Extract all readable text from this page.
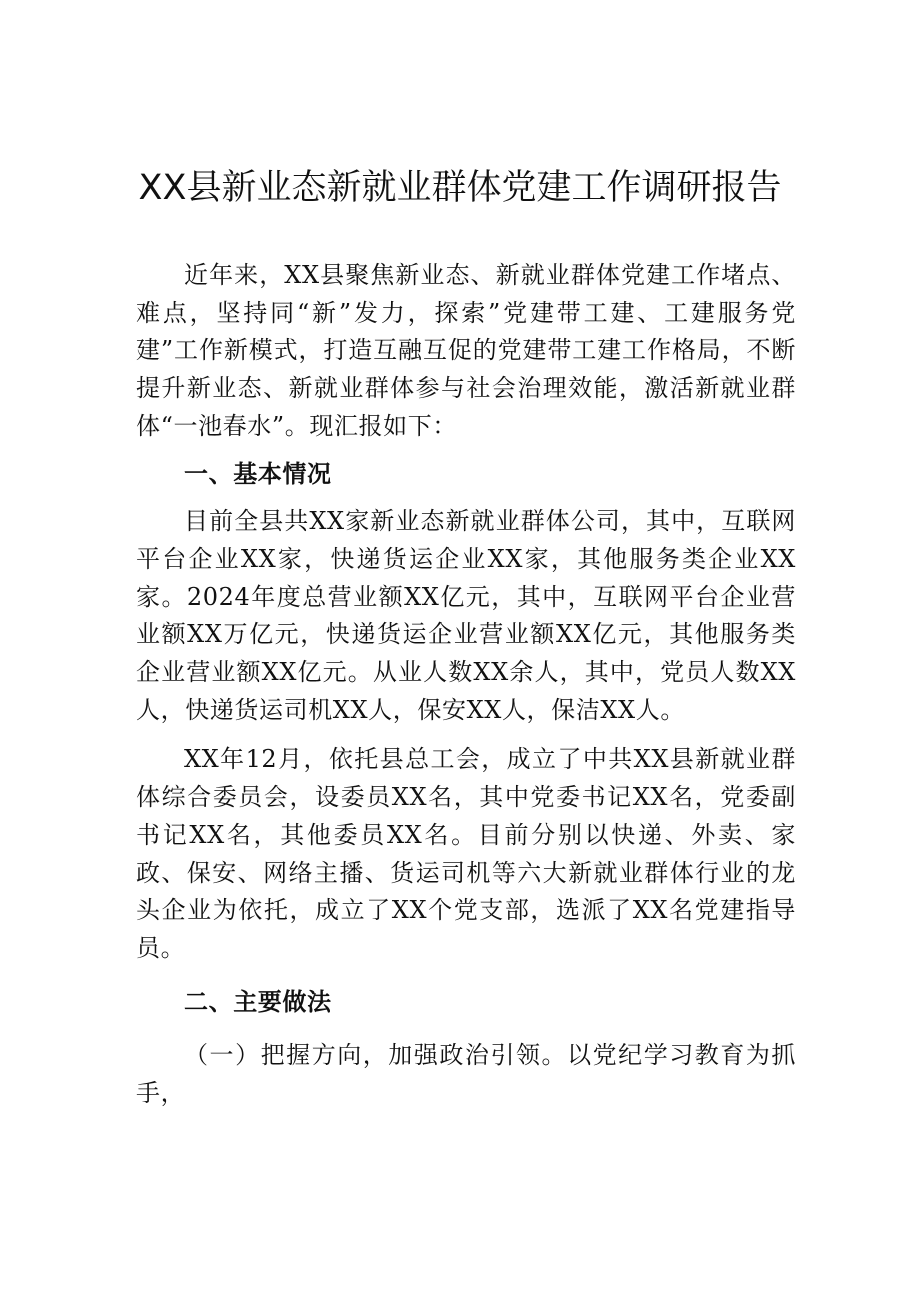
XX县新业态新就业群体党建工作调研报告

近年来，XX县聚焦新业态、新就业群体党建工作堵点、难点，坚持同“新”发力，探索”党建带工建、工建服务党建”工作新模式，打造互融互促的党建带工建工作格局，不断提升新业态、新就业群体参与社会治理效能，激活新就业群体“一池春水”。现汇报如下：

一、基本情况

目前全县共XX家新业态新就业群体公司，其中，互联网平台企业XX家，快递货运企业XX家，其他服务类企业XX家。2024年度总营业额XX亿元，其中，互联网平台企业营业额XX万亿元，快递货运企业营业额XX亿元，其他服务类企业营业额XX亿元。从业人数XX余人，其中，党员人数XX人，快递货运司机XX人，保安XX人，保洁XX人。

XX年12月，依托县总工会，成立了中共XX县新就业群体综合委员会，设委员XX名，其中党委书记XX名，党委副书记XX名，其他委员XX名。目前分别以快递、外卖、家政、保安、网络主播、货运司机等六大新就业群体行业的龙头企业为依托，成立了XX个党支部，选派了XX名党建指导员。

二、主要做法

（一）把握方向，加强政治引领。以党纪学习教育为抓手，
